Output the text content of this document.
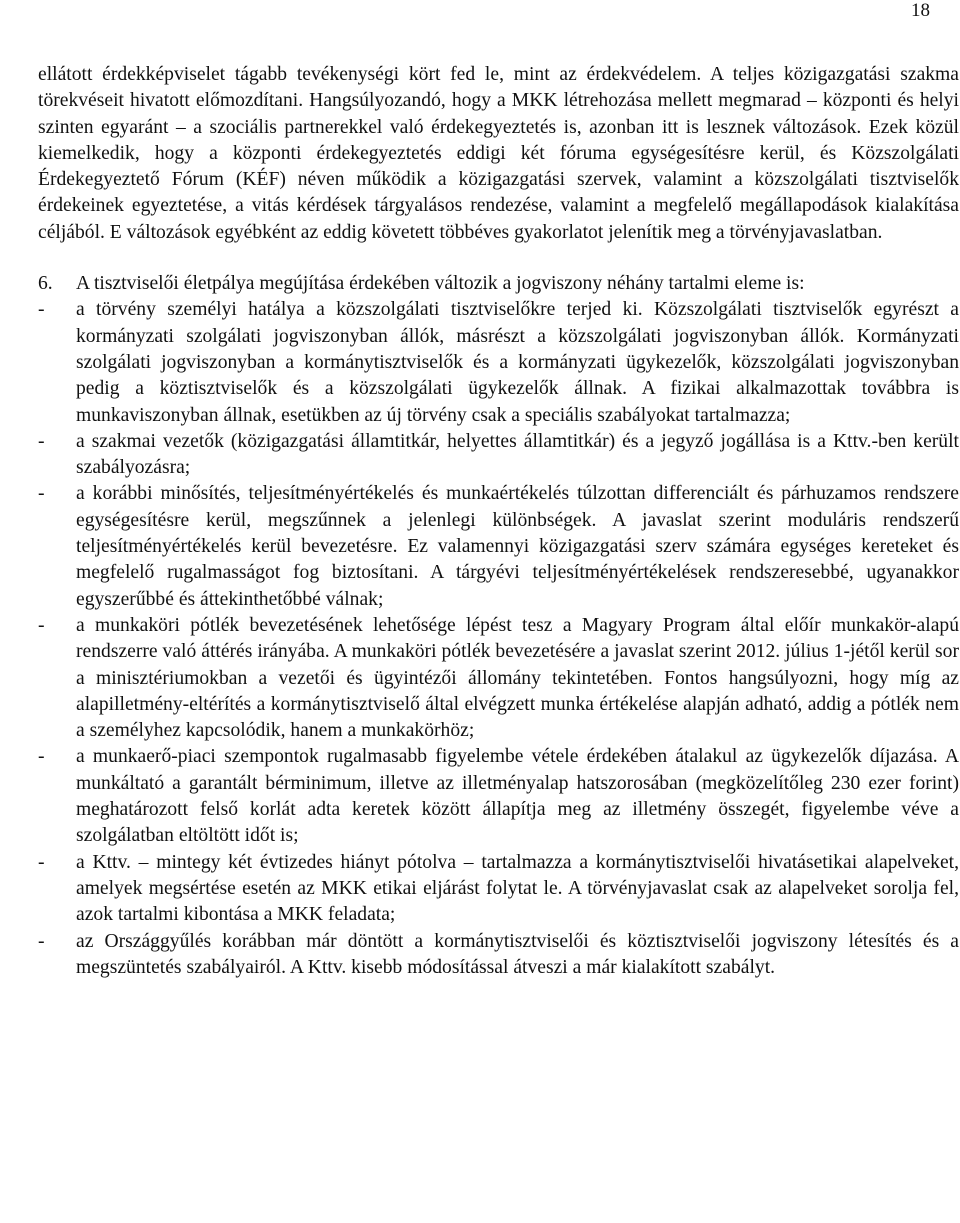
18

ellátott érdekképviselet tágabb tevékenységi kört fed le, mint az érdekvédelem. A teljes közigazgatási szakma törekvéseit hivatott előmozdítani. Hangsúlyozandó, hogy a MKK létrehozása mellett megmarad – központi és helyi szinten egyaránt – a szociális partnerekkel való érdekegyeztetés is, azonban itt is lesznek változások. Ezek közül kiemelkedik, hogy a központi érdekegyeztetés eddigi két fóruma egységesítésre kerül, és Közszolgálati Érdekegyeztető Fórum (KÉF) néven működik a közigazgatási szervek, valamint a közszolgálati tisztviselők érdekeinek egyeztetése, a vitás kérdések tárgyalásos rendezése, valamint a megfelelő megállapodások kialakítása céljából. E változások egyébként az eddig követett többéves gyakorlatot jelenítik meg a törvényjavaslatban.

6.	A tisztviselői életpálya megújítása érdekében változik a jogviszony néhány tartalmi eleme is:
-	a törvény személyi hatálya a közszolgálati tisztviselőkre terjed ki. Közszolgálati tisztviselők egyrészt a kormányzati szolgálati jogviszonyban állók, másrészt a közszolgálati jogviszonyban állók. Kormányzati szolgálati jogviszonyban a kormánytisztviselők és a kormányzati ügykezelők, közszolgálati jogviszonyban pedig a köztisztviselők és a közszolgálati ügykezelők állnak. A fizikai alkalmazottak továbbra is munkaviszonyban állnak, esetükben az új törvény csak a speciális szabályokat tartalmazza;
-	a szakmai vezetők (közigazgatási államtitkár, helyettes államtitkár) és a jegyző jogállása is a Kttv.-ben került szabályozásra;
-	a korábbi minősítés, teljesítményértékelés és munkaértékelés túlzottan differenciált és párhuzamos rendszere egységesítésre kerül, megszűnnek a jelenlegi különbségek. A javaslat szerint moduláris rendszerű teljesítményértékelés kerül bevezetésre. Ez valamennyi közigazgatási szerv számára egységes kereteket és megfelelő rugalmasságot fog biztosítani. A tárgyévi teljesítményértékelések rendszeresebbé, ugyanakkor egyszerűbbé és áttekinthetőbbé válnak;
-	a munkaköri pótlék bevezetésének lehetősége lépést tesz a Magyary Program által előír munkakör-alapú rendszerre való áttérés irányába. A munkaköri pótlék bevezetésére a javaslat szerint 2012. július 1-jétől kerül sor a minisztériumokban a vezetői és ügyintézői állomány tekintetében. Fontos hangsúlyozni, hogy míg az alapilletmény-eltérítés a kormánytisztviselő által elvégzett munka értékelése alapján adható, addig a pótlék nem a személyhez kapcsolódik, hanem a munkakörhöz;
-	a munkaerő-piaci szempontok rugalmasabb figyelembe vétele érdekében átalakul az ügykezelők díjazása. A munkáltató a garantált bérminimum, illetve az illetményalap hatszorosában (megközelítőleg 230 ezer forint) meghatározott felső korlát adta keretek között állapítja meg az illetmény összegét, figyelembe véve a szolgálatban eltöltött időt is;
-	a Kttv. – mintegy két évtizedes hiányt pótolva – tartalmazza a kormánytisztviselői hivatásetikai alapelveket, amelyek megsértése esetén az MKK etikai eljárást folytat le. A törvényjavaslat csak az alapelveket sorolja fel, azok tartalmi kibontása a MKK feladata;
-	az Országgyűlés korábban már döntött a kormánytisztviselői és köztisztviselői jogviszony létesítés és a megszüntetés szabályairól. A Kttv. kisebb módosítással átveszi a már kialakított szabályt.
